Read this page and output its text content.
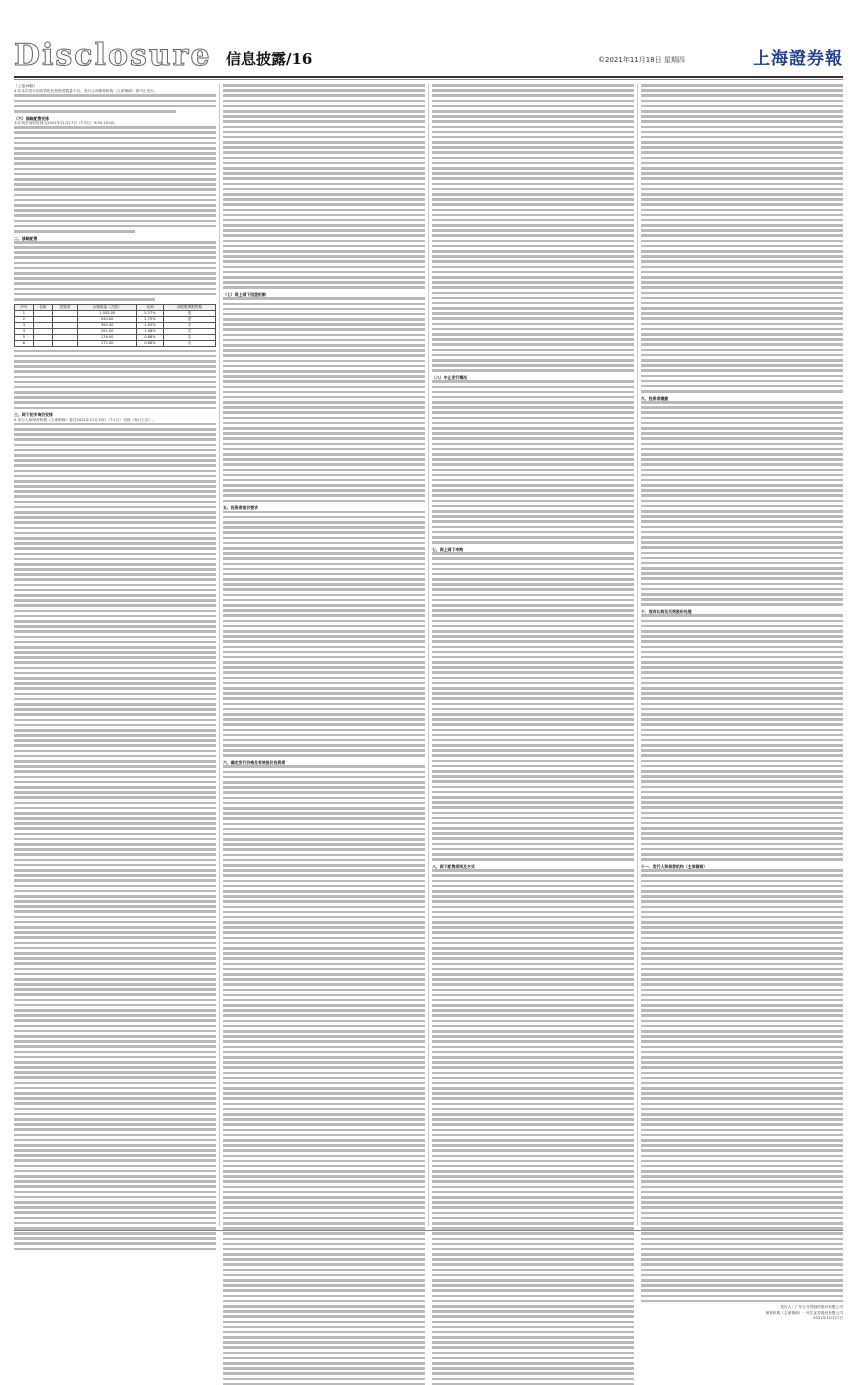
Disclosure 信息披露/16	©2021年11月18日 星期四	上海證券報
（上接16版）
4.若本次发行的有效报价投资者数量不足，发行人和保荐机构（主承销商）将中止发行。
（六）战略配售安排
本次初步询价时间为2021年11月17日（T-3日）9:30-15:00。
二、战略配售
序号	名称	投资者	认购数量（万股）	比例	获配股票限售期
1			1,053.00	5.27%	是
2			540.00	2.70%	是
3			390.00	1.95%	否
4			291.00	1.46%	否
5			176.00	0.88%	否
6			172.00	0.86%	否
三、网下初步询价安排
5.发行人和保荐机构（主承销商）将在2021年11月19日（T-1日）刊登《发行公告》。
（七）网上网下回拨机制
五、投资者报价要求
六、确定发行价格及有效报价投资者
（八）中止发行情况
七、网上网下申购
八、网下配售原则及方式
九、投资者缴款
十、放弃认购及无效股份处理
十一、发行人和保荐机构（主承销商）
发行人：广东万年青制药股份有限公司
保荐机构（主承销商）：民生证券股份有限公司
2021年11月17日
